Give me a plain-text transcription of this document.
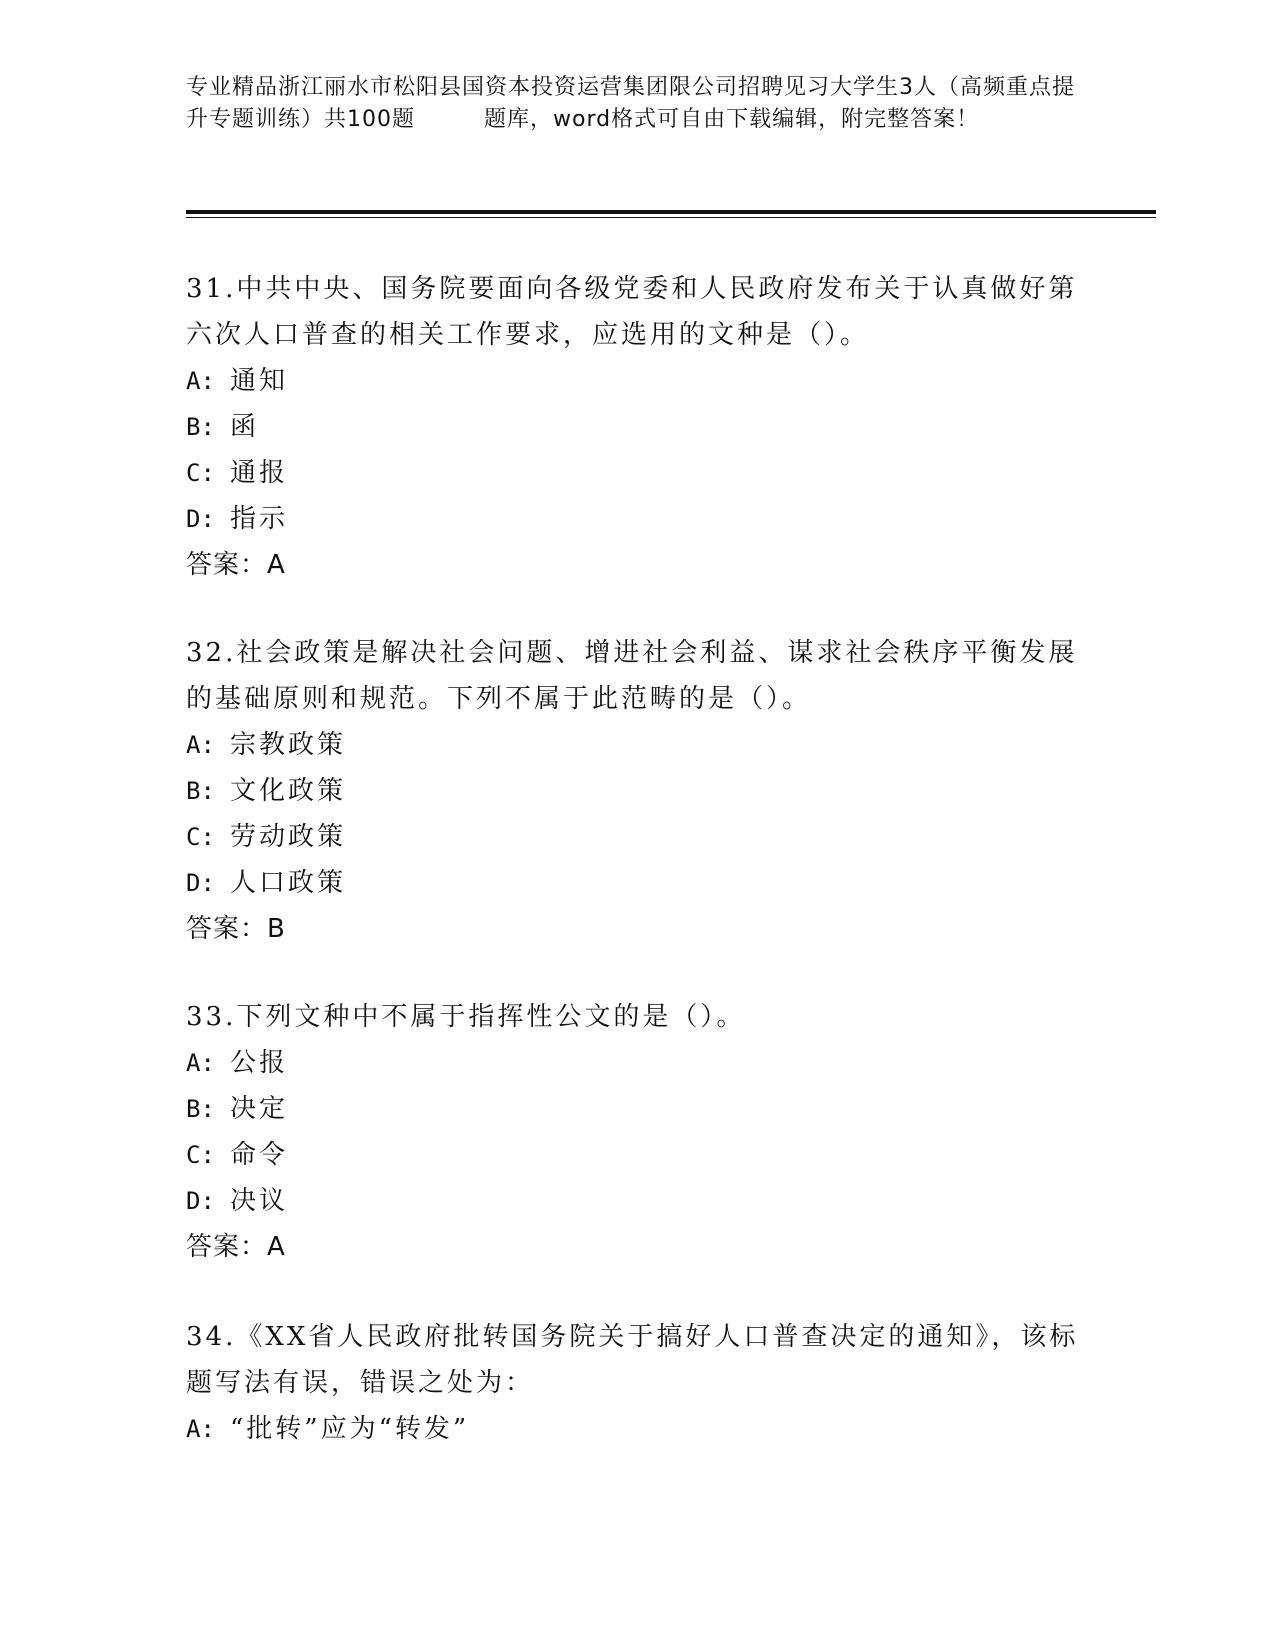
专业精品浙江丽水市松阳县国资本投资运营集团限公司招聘见习大学生3人（高频重点提升专题训练）共100题　　　题库，word格式可自由下载编辑，附完整答案！
31.中共中央、国务院要面向各级党委和人民政府发布关于认真做好第六次人口普查的相关工作要求，应选用的文种是（）。
A: 通知
B: 函
C: 通报
D: 指示
答案：A
32.社会政策是解决社会问题、增进社会利益、谋求社会秩序平衡发展的基础原则和规范。下列不属于此范畴的是（）。
A: 宗教政策
B: 文化政策
C: 劳动政策
D: 人口政策
答案：B
33.下列文种中不属于指挥性公文的是（）。
A: 公报
B: 决定
C: 命令
D: 决议
答案：A
34.《XX省人民政府批转国务院关于搞好人口普查决定的通知》，该标题写法有误，错误之处为：
A: “批转”应为“转发”
